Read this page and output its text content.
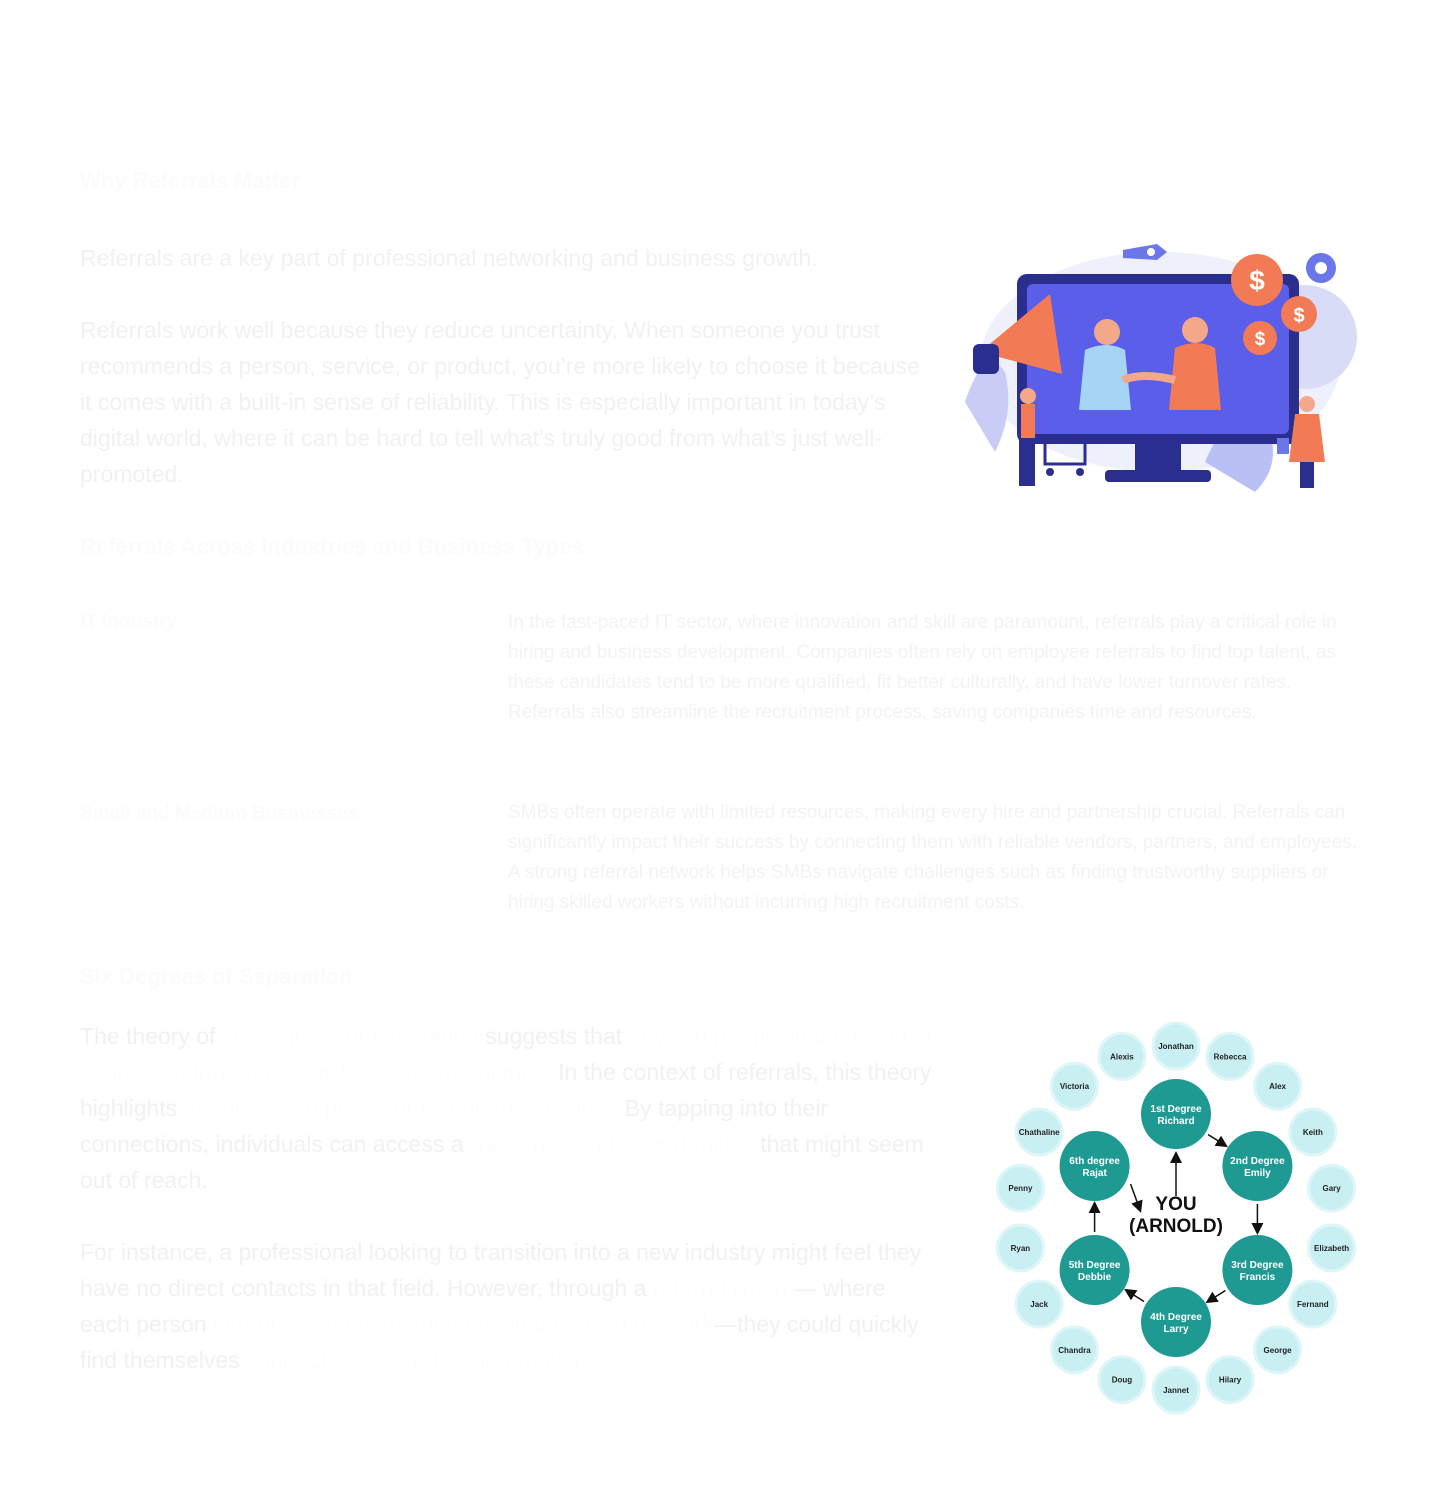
Why Referrals Matter
Referrals are a key part of professional networking and business growth.
Referrals work well because they reduce uncertainty. When someone you trust recommends a person, service, or product, you’re more likely to choose it because it comes with a built-in sense of reliability. This is especially important in today’s digital world, where it can be hard to tell what’s truly good from what’s just well-promoted.
$
$
$
Referrals Across Industries and Business Types
IT Industry	In the fast-paced IT sector, where innovation and skill are paramount, referrals play a critical role in hiring and business development. Companies often rely on employee referrals to find top talent, as these candidates tend to be more qualified, fit better culturally, and have lower turnover rates. Referrals also streamline the recruitment process, saving companies time and resources.
Small and Medium Businesses	SMBs often operate with limited resources, making every hire and partnership crucial. Referrals can significantly impact their success by connecting them with reliable vendors, partners, and employees. A strong referral network helps SMBs navigate challenges such as finding trustworthy suppliers or hiring skilled workers without incurring high recruitment costs.
Six Degrees of Separation
The theory of six degrees of separation suggests that any two people in the world are connected through six or fewer intermediaries. In the context of referrals, this theory highlights the untapped power of extended networks. By tapping into their connections, individuals can access a wider range of opportunities that might seem out of reach.
For instance, a professional looking to transition into a new industry might feel they have no direct contacts in that field. However, through a referral chain — where each person introduces them to someone in their own network—they could quickly find themselves connected to key decision-makers.
Jonathan
Rebecca
Alex
Keith
Gary
Elizabeth
Fernand
George
Hilary
Jannet
Doug
Chandra
Jack
Ryan
Penny
Chathaline
Victoria
Alexis
1st Degree
Richard
2nd Degree
Emily
3rd Degree
Francis
4th Degree
Larry
5th Degree
Debbie
6th degree
Rajat
YOU
(ARNOLD)
